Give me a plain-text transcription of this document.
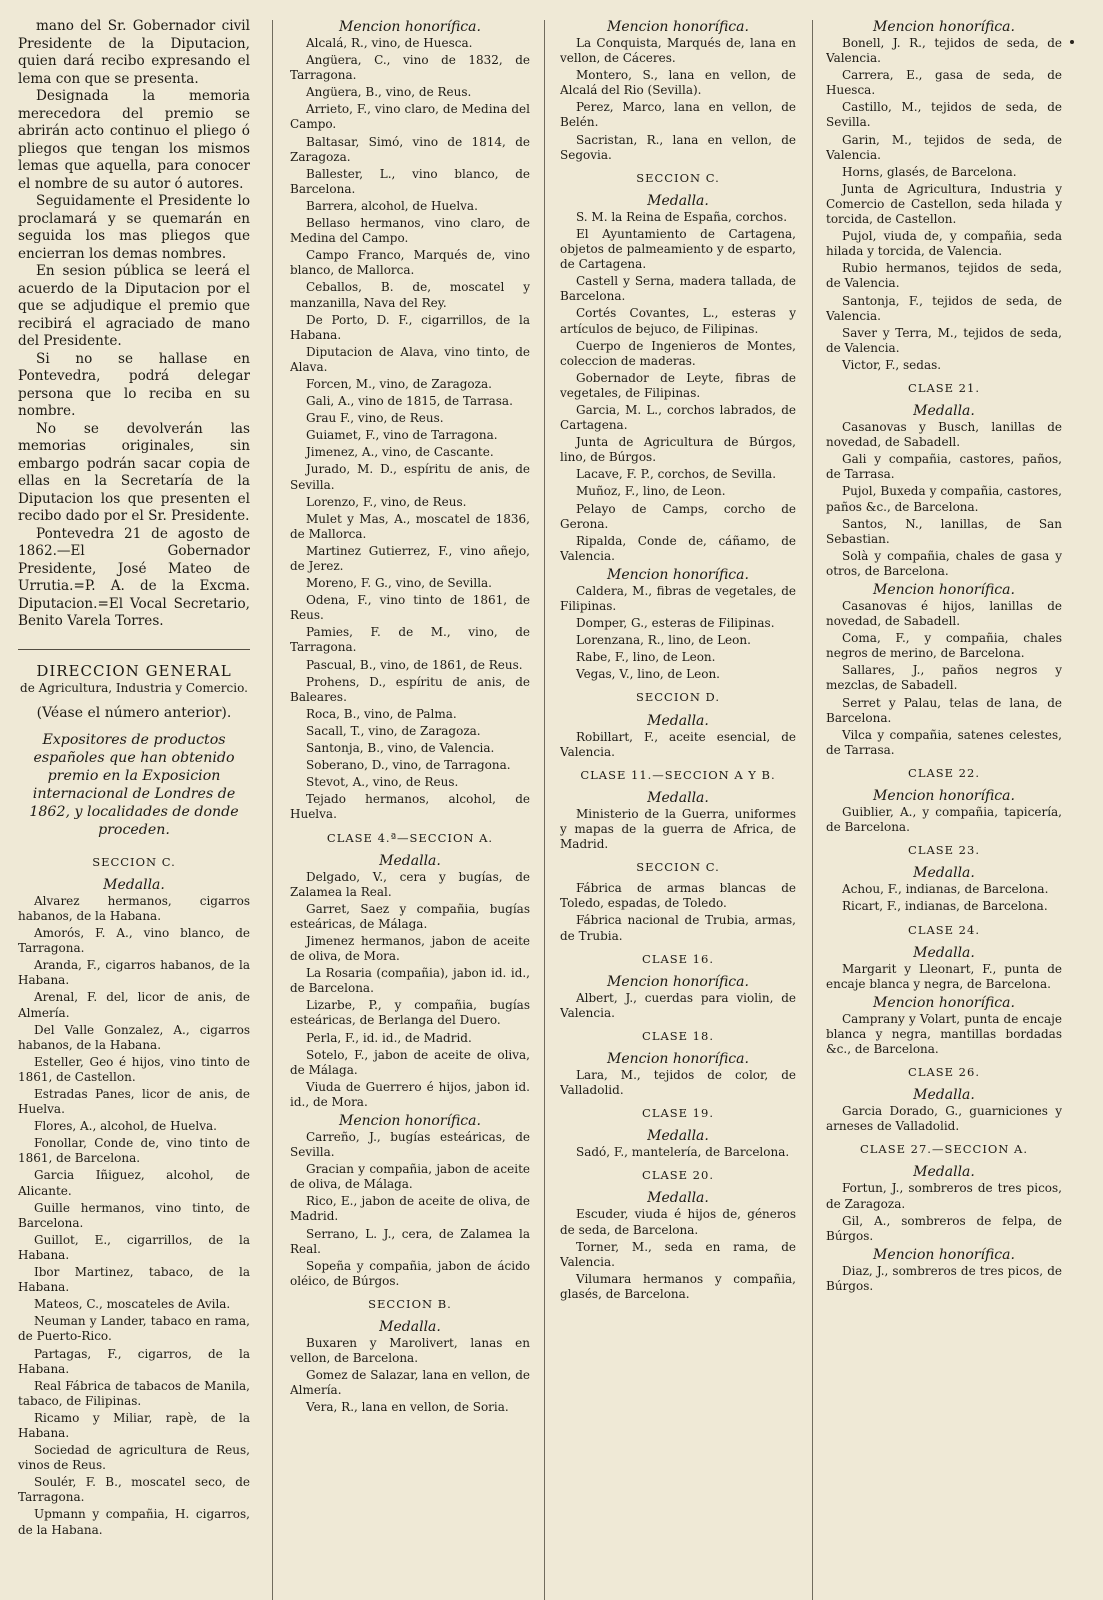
mano del Sr. Gobernador civil Presidente de la Diputacion, quien dará recibo expresando el lema con que se presenta.

Designada la memoria merecedora del premio se abrirán acto continuo el pliego ó pliegos que tengan los mismos lemas que aquella, para conocer el nombre de su autor ó autores.

Seguidamente el Presidente lo proclamará y se quemarán en seguida los mas pliegos que encierran los demas nombres.

En sesion pública se leerá el acuerdo de la Diputacion por el que se adjudique el premio que recibirá el agraciado de mano del Presidente.

Si no se hallase en Pontevedra, podrá delegar persona que lo reciba en su nombre.

No se devolverán las memorias originales, sin embargo podrán sacar copia de ellas en la Secretaría de la Diputacion los que presenten el recibo dado por el Sr. Presidente.

Pontevedra 21 de agosto de 1862.—El Gobernador Presidente, José Mateo de Urrutia.=P. A. de la Excma. Diputacion.=El Vocal Secretario, Benito Varela Torres.

DIRECCION GENERAL

de Agricultura, Industria y Comercio.

(Véase el número anterior).

Expositores de productos españoles que han obtenido premio en la Exposicion internacional de Londres de 1862, y localidades de donde proceden.

SECCION C.

Medalla.

Alvarez hermanos, cigarros habanos, de la Habana.

Amorós, F. A., vino blanco, de Tarragona.

Aranda, F., cigarros habanos, de la Habana.

Arenal, F. del, licor de anis, de Almería.

Del Valle Gonzalez, A., cigarros habanos, de la Habana.

Esteller, Geo é hijos, vino tinto de 1861, de Castellon.

Estradas Panes, licor de anis, de Huelva.

Flores, A., alcohol, de Huelva.

Fonollar, Conde de, vino tinto de 1861, de Barcelona.

Garcia Iñiguez, alcohol, de Alicante.

Guille hermanos, vino tinto, de Barcelona.

Guillot, E., cigarrillos, de la Habana.

Ibor Martinez, tabaco, de la Habana.

Mateos, C., moscateles de Avila.

Neuman y Lander, tabaco en rama, de Puerto-Rico.

Partagas, F., cigarros, de la Habana.

Real Fábrica de tabacos de Manila, tabaco, de Filipinas.

Ricamo y Miliar, rapè, de la Habana.

Sociedad de agricultura de Reus, vinos de Reus.

Soulér, F. B., moscatel seco, de Tarragona.

Upmann y compañia, H. cigarros, de la Habana.

Mencion honorífica.

Alcalá, R., vino, de Huesca.

Angüera, C., vino de 1832, de Tarragona.

Angüera, B., vino, de Reus.

Arrieto, F., vino claro, de Medina del Campo.

Baltasar, Simó, vino de 1814, de Zaragoza.

Ballester, L., vino blanco, de Barcelona.

Barrera, alcohol, de Huelva.

Bellaso hermanos, vino claro, de Medina del Campo.

Campo Franco, Marqués de, vino blanco, de Mallorca.

Ceballos, B. de, moscatel y manzanilla, Nava del Rey.

De Porto, D. F., cigarrillos, de la Habana.

Diputacion de Alava, vino tinto, de Alava.

Forcen, M., vino, de Zaragoza.

Gali, A., vino de 1815, de Tarrasa.

Grau F., vino, de Reus.

Guiamet, F., vino de Tarragona.

Jimenez, A., vino, de Cascante.

Jurado, M. D., espíritu de anis, de Sevilla.

Lorenzo, F., vino, de Reus.

Mulet y Mas, A., moscatel de 1836, de Mallorca.

Martinez Gutierrez, F., vino añejo, de Jerez.

Moreno, F. G., vino, de Sevilla.

Odena, F., vino tinto de 1861, de Reus.

Pamies, F. de M., vino, de Tarragona.

Pascual, B., vino, de 1861, de Reus.

Prohens, D., espíritu de anis, de Baleares.

Roca, B., vino, de Palma.

Sacall, T., vino, de Zaragoza.

Santonja, B., vino, de Valencia.

Soberano, D., vino, de Tarragona.

Stevot, A., vino, de Reus.

Tejado hermanos, alcohol, de Huelva.

CLASE 4.ª—SECCION A.

Medalla.

Delgado, V., cera y bugías, de Zalamea la Real.

Garret, Saez y compañia, bugías esteáricas, de Málaga.

Jimenez hermanos, jabon de aceite de oliva, de Mora.

La Rosaria (compañia), jabon id. id., de Barcelona.

Lizarbe, P., y compañia, bugías esteáricas, de Berlanga del Duero.

Perla, F., id. id., de Madrid.

Sotelo, F., jabon de aceite de oliva, de Málaga.

Viuda de Guerrero é hijos, jabon id. id., de Mora.

Mencion honorífica.

Carreño, J., bugías esteáricas, de Sevilla.

Gracian y compañia, jabon de aceite de oliva, de Málaga.

Rico, E., jabon de aceite de oliva, de Madrid.

Serrano, L. J., cera, de Zalamea la Real.

Sopeña y compañia, jabon de ácido oléico, de Búrgos.

SECCION B.

Medalla.

Buxaren y Marolivert, lanas en vellon, de Barcelona.

Gomez de Salazar, lana en vellon, de Almería.

Vera, R., lana en vellon, de Soria.

Mencion honorífica.

La Conquista, Marqués de, lana en vellon, de Cáceres.

Montero, S., lana en vellon, de Alcalá del Rio (Sevilla).

Perez, Marco, lana en vellon, de Belén.

Sacristan, R., lana en vellon, de Segovia.

SECCION C.

Medalla.

S. M. la Reina de España, corchos.

El Ayuntamiento de Cartagena, objetos de palmeamiento y de esparto, de Cartagena.

Castell y Serna, madera tallada, de Barcelona.

Cortés Covantes, L., esteras y artículos de bejuco, de Filipinas.

Cuerpo de Ingenieros de Montes, coleccion de maderas.

Gobernador de Leyte, fibras de vegetales, de Filipinas.

Garcia, M. L., corchos labrados, de Cartagena.

Junta de Agricultura de Búrgos, lino, de Búrgos.

Lacave, F. P., corchos, de Sevilla.

Muñoz, F., lino, de Leon.

Pelayo de Camps, corcho de Gerona.

Ripalda, Conde de, cáñamo, de Valencia.

Mencion honorífica.

Caldera, M., fibras de vegetales, de Filipinas.

Domper, G., esteras de Filipinas.

Lorenzana, R., lino, de Leon.

Rabe, F., lino, de Leon.

Vegas, V., lino, de Leon.

SECCION D.

Medalla.

Robillart, F., aceite esencial, de Valencia.

CLASE 11.—SECCION A Y B.

Medalla.

Ministerio de la Guerra, uniformes y mapas de la guerra de Africa, de Madrid.

SECCION C.

Fábrica de armas blancas de Toledo, espadas, de Toledo.

Fábrica nacional de Trubia, armas, de Trubia.

CLASE 16.

Mencion honorífica.

Albert, J., cuerdas para violin, de Valencia.

CLASE 18.

Mencion honorífica.

Lara, M., tejidos de color, de Valladolid.

CLASE 19.

Medalla.

Sadó, F., mantelería, de Barcelona.

CLASE 20.

Medalla.

Escuder, viuda é hijos de, géneros de seda, de Barcelona.

Torner, M., seda en rama, de Valencia.

Vilumara hermanos y compañia, glasés, de Barcelona.

Mencion honorífica.

Bonell, J. R., tejidos de seda, de Valencia.

Carrera, E., gasa de seda, de Huesca.

Castillo, M., tejidos de seda, de Sevilla.

Garin, M., tejidos de seda, de Valencia.

Horns, glasés, de Barcelona.

Junta de Agricultura, Industria y Comercio de Castellon, seda hilada y torcida, de Castellon.

Pujol, viuda de, y compañia, seda hilada y torcida, de Valencia.

Rubio hermanos, tejidos de seda, de Valencia.

Santonja, F., tejidos de seda, de Valencia.

Saver y Terra, M., tejidos de seda, de Valencia.

Victor, F., sedas.

CLASE 21.

Medalla.

Casanovas y Busch, lanillas de novedad, de Sabadell.

Gali y compañia, castores, paños, de Tarrasa.

Pujol, Buxeda y compañia, castores, paños &c., de Barcelona.

Santos, N., lanillas, de San Sebastian.

Solà y compañia, chales de gasa y otros, de Barcelona.

Mencion honorífica.

Casanovas é hijos, lanillas de novedad, de Sabadell.

Coma, F., y compañia, chales negros de merino, de Barcelona.

Sallares, J., paños negros y mezclas, de Sabadell.

Serret y Palau, telas de lana, de Barcelona.

Vilca y compañia, satenes celestes, de Tarrasa.

CLASE 22.

Mencion honorífica.

Guiblier, A., y compañia, tapicería, de Barcelona.

CLASE 23.

Medalla.

Achou, F., indianas, de Barcelona.

Ricart, F., indianas, de Barcelona.

CLASE 24.

Medalla.

Margarit y Lleonart, F., punta de encaje blanca y negra, de Barcelona.

Mencion honorífica.

Camprany y Volart, punta de encaje blanca y negra, mantillas bordadas &c., de Barcelona.

CLASE 26.

Medalla.

Garcia Dorado, G., guarniciones y arneses de Valladolid.

CLASE 27.—SECCION A.

Medalla.

Fortun, J., sombreros de tres picos, de Zaragoza.

Gil, A., sombreros de felpa, de Búrgos.

Mencion honorífica.

Diaz, J., sombreros de tres picos, de Búrgos.
